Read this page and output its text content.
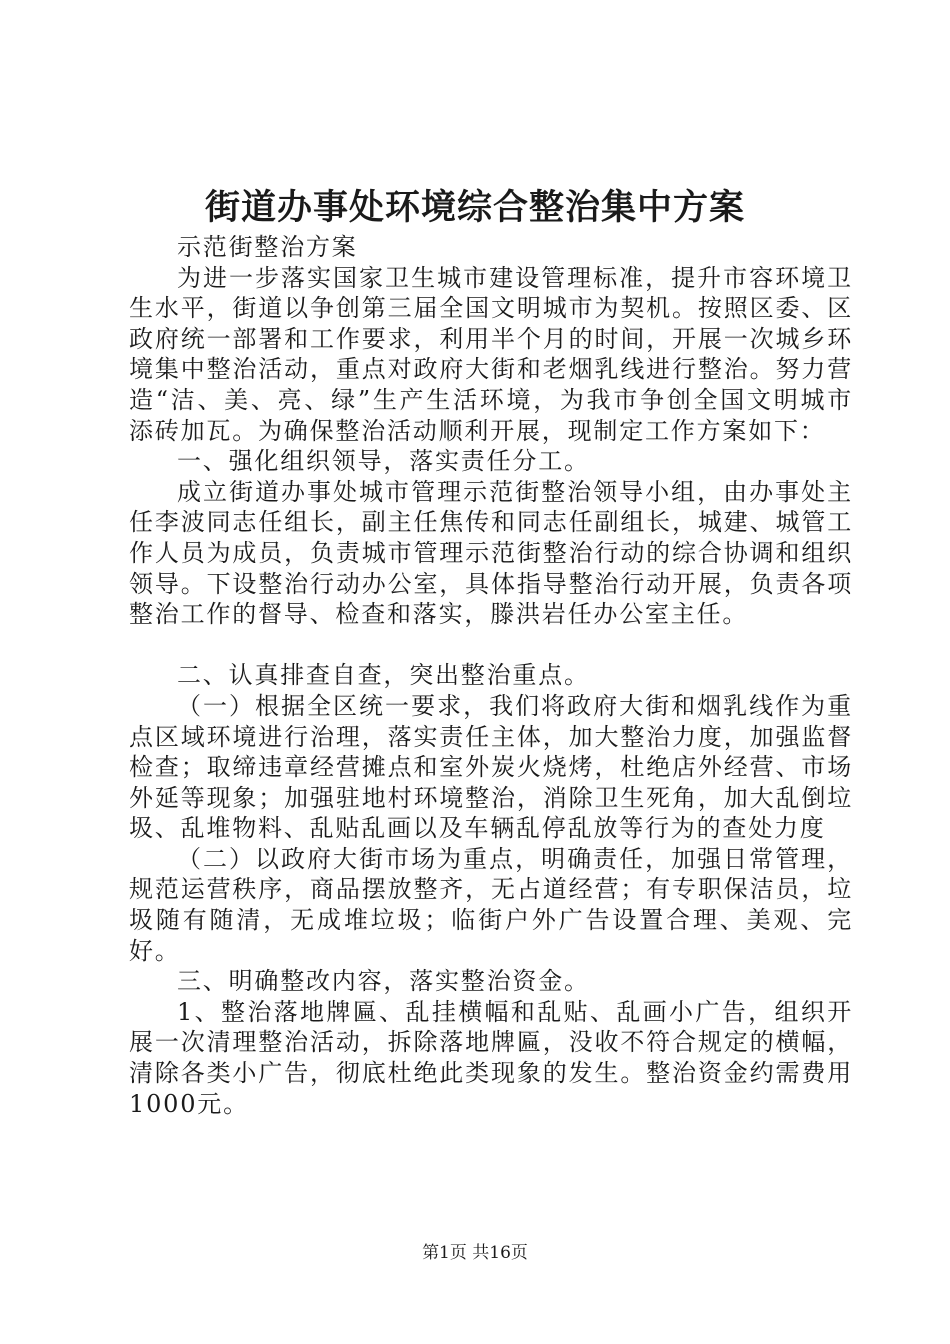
街道办事处环境综合整治集中方案

示范街整治方案

为进一步落实国家卫生城市建设管理标准，提升市容环境卫生水平，街道以争创第三届全国文明城市为契机。按照区委、区政府统一部署和工作要求，利用半个月的时间，开展一次城乡环境集中整治活动，重点对政府大街和老烟乳线进行整治。努力营造“洁、美、亮、绿”生产生活环境，为我市争创全国文明城市添砖加瓦。为确保整治活动顺利开展，现制定工作方案如下：

一、强化组织领导，落实责任分工。

成立街道办事处城市管理示范街整治领导小组，由办事处主任李波同志任组长，副主任焦传和同志任副组长，城建、城管工作人员为成员，负责城市管理示范街整治行动的综合协调和组织领导。下设整治行动办公室，具体指导整治行动开展，负责各项整治工作的督导、检查和落实，滕洪岩任办公室主任。

二、认真排查自查，突出整治重点。

（一）根据全区统一要求，我们将政府大街和烟乳线作为重点区域环境进行治理，落实责任主体，加大整治力度，加强监督检查；取缔违章经营摊点和室外炭火烧烤，杜绝店外经营、市场外延等现象；加强驻地村环境整治，消除卫生死角，加大乱倒垃圾、乱堆物料、乱贴乱画以及车辆乱停乱放等行为的查处力度

（二）以政府大街市场为重点，明确责任，加强日常管理，规范运营秩序，商品摆放整齐，无占道经营；有专职保洁员，垃圾随有随清，无成堆垃圾；临街户外广告设置合理、美观、完好。

三、明确整改内容，落实整治资金。

1、整治落地牌匾、乱挂横幅和乱贴、乱画小广告，组织开展一次清理整治活动，拆除落地牌匾，没收不符合规定的横幅，清除各类小广告，彻底杜绝此类现象的发生。整治资金约需费用1000元。

第1页 共16页
